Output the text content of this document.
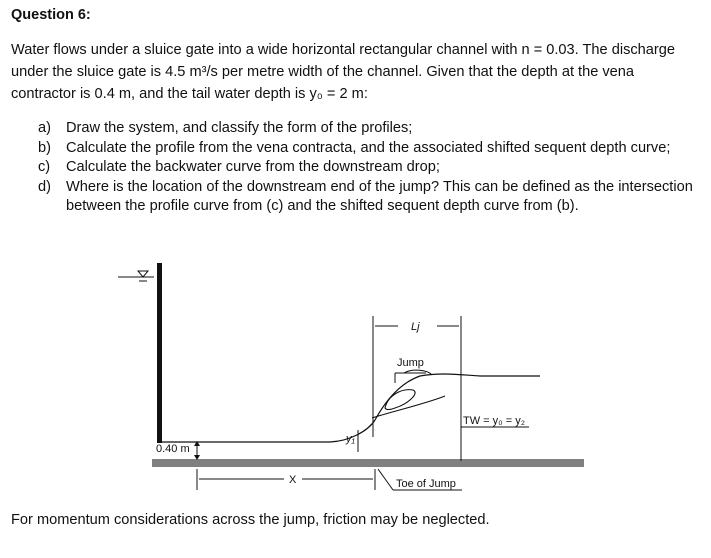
Question 6:
Water flows under a sluice gate into a wide horizontal rectangular channel with n = 0.03. The discharge
under the sluice gate is 4.5 m³/s per metre width of the channel. Given that the depth at the vena
contractor is 0.4 m, and the tail water depth is y₀ = 2 m:
a)	Draw the system, and classify the form of the profiles;
b)	Calculate the profile from the vena contracta, and the associated shifted sequent depth curve;
c)	Calculate the backwater curve from the downstream drop;
d)	Where is the location of the downstream end of the jump? This can be defined as the intersection between the profile curve from (c) and the shifted sequent depth curve from (b).
Jump
Lj
TW = y₀ = y₂
y₁
0.40 m
X	Toe of Jump
For momentum considerations across the jump, friction may be neglected.
